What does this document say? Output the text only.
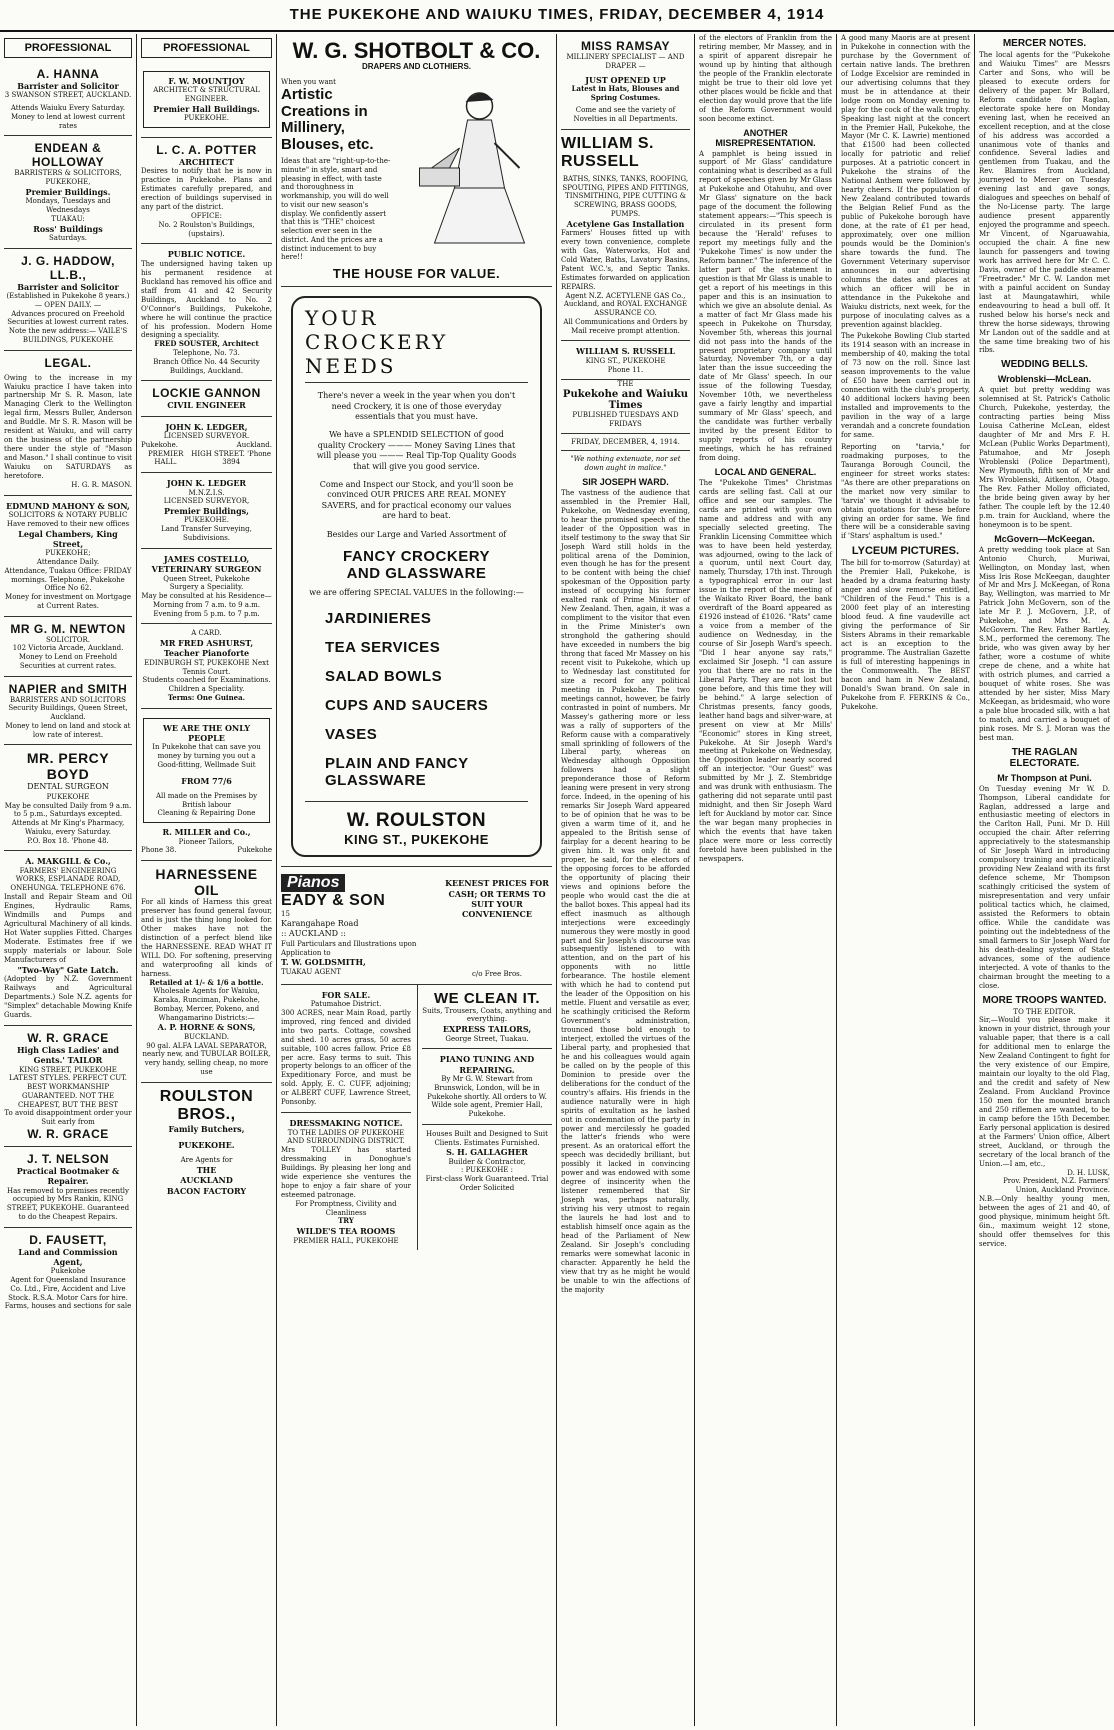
THE PUKEKOHE AND WAIUKU TIMES, FRIDAY, DECEMBER 4, 1914
PROFESSIONAL
A. HANNA
Barrister and Solicitor
3 SWANSON STREET, AUCKLAND.
Attends Waiuku Every Saturday. Money to lend at lowest current rates
ENDEAN & HOLLOWAY
BARRISTERS & SOLICITORS, PUKEKOHE,
Premier Buildings.
Mondays, Tuesdays and Wednesdays
TUAKAU:
Ross' Buildings
Saturdays.
J. G. HADDOW, LL.B.,
Barrister and Solicitor
(Established in Pukekohe 8 years.)
— OPEN DAILY. —
Advances procured on Freehold Securities at lowest current rates. Note the new address:— VAILE'S BUILDINGS, PUKEKOHE
LEGAL.
Owing to the increase in my Waiuku practice I have taken into partnership Mr S. R. Mason, late Managing Clerk to the Wellington legal firm, Messrs Buller, Anderson and Buddle. Mr S. R. Mason will be resident at Waiuku, and will carry on the business of the partnership there under the style of "Mason and Mason." I shall continue to visit Waiuku on SATURDAYS as heretofore.
H. G. R. MASON.
EDMUND MAHONY & SON,
SOLICITORS & NOTARY PUBLIC
Have removed to their new offices
Legal Chambers, King Street,
PUKEKOHE;
Attendance Daily.
Attendance, Tuakau Office: FRIDAY mornings. Telephone, Pukekohe Office No 62.
Money for investment on Mortgage at Current Rates.
MR G. M. NEWTON
SOLICITOR.
102 Victoria Arcade, Auckland.
Money to Lend on Freehold Securities at current rates.
NAPIER and SMITH
BARRISTERS AND SOLICITORS
Security Buildings, Queen Street, Auckland.
Money to lend on land and stock at low rate of interest.
MR. PERCY BOYD
DENTAL SURGEON
PUKEKOHE
May be consulted Daily from 9 a.m. to 5 p.m., Saturdays excepted.
Attends at Mr King's Pharmacy, Waiuku, every Saturday.
P.O. Box 18. 'Phone 48.
A. MAKGILL & Co.,
FARMERS' ENGINEERING WORKS, ESPLANADE ROAD, ONEHUNGA. TELEPHONE 676.
Install and Repair Steam and Oil Engines, Hydraulic Rams, Windmills and Pumps and Agricultural Machinery of all kinds. Hot Water supplies Fitted. Charges Moderate. Estimates free if we supply materials or labour. Sole Manufacturers of
"Two-Way" Gate Latch.
(Adopted by N.Z. Government Railways and Agricultural Departments.) Sole N.Z. agents for "Simplex" detachable Mowing Knife Guards.
W. R. GRACE
High Class Ladies' and Gents.' TAILOR
KING STREET, PUKEKOHE
LATEST STYLES. PERFECT CUT. BEST WORKMANSHIP GUARANTEED. NOT THE CHEAPEST, BUT THE BEST
To avoid disappointment order your Suit early from
W. R. GRACE
J. T. NELSON
Practical Bootmaker & Repairer.
Has removed to premises recently occupied by Mrs Rankin, KING STREET, PUKEKOHE. Guaranteed to do the Cheapest Repairs.
D. FAUSETT,
Land and Commission Agent,
Pukekohe
Agent for Queensland Insurance Co. Ltd., Fire, Accident and Live Stock. R.S.A. Motor Cars for hire. Farms, houses and sections for sale
PROFESSIONAL
F. W. MOUNTJOY
ARCHITECT & STRUCTURAL ENGINEER.
Premier Hall Buildings.
PUKEKOHE.
L. C. A. POTTER
ARCHITECT
Desires to notify that he is now in practice in Pukekohe. Plans and Estimates carefully prepared, and erection of buildings supervised in any part of the district.
OFFICE:
No. 2 Roulston's Buildings, (upstairs).
PUBLIC NOTICE.
The undersigned having taken up his permanent residence at Buckland has removed his office and staff from 41 and 42 Security Buildings, Auckland to No. 2 O'Connor's Buildings, Pukekohe, where he will continue the practice of his profession. Modern Home designing a speciality.
FRED SOUSTER, Architect
Telephone, No. 73.
Branch Office No. 44 Security Buildings, Auckland.
LOCKIE GANNON
CIVIL ENGINEER
JOHN K. LEDGER,
LICENSED SURVEYOR.
Pukekohe.	Auckland.
PREMIER HALL.
HIGH STREET. 'Phone 3894
JOHN K. LEDGER
M.N.Z.I.S.
LICENSED SURVEYOR,
Premier Buildings,
PUKEKOHE.
Land Transfer Surveying, Subdivisions.
JAMES COSTELLO,
VETERINARY SURGEON
Queen Street, Pukekohe
Surgery a Speciality.
May be consulted at his Residence— Morning from 7 a.m. to 9 a.m. Evening from 5 p.m. to 7 p.m.
A CARD.
MR FRED ASHURST,
Teacher Pianoforte
EDINBURGH ST, PUKEKOHE Next Tennis Court.
Students coached for Examinations. Children a Speciality.
Terms: One Guinea.
WE ARE THE ONLY PEOPLE
In Pukekohe that can save you money by turning you out a Good-fitting, Wellmade Suit
FROM 77/6
All made on the Premises by British labour
Cleaning & Repairing Done
R. MILLER and Co.,
Pioneer Tailors,
Phone 38.	Pukekohe
HARNESSENE OIL
For all kinds of Harness this great preserver has found general favour, and is just the thing long looked for. Other makes have not the distinction of a perfect blend like the HARNESSENE. READ WHAT IT WILL DO. For softening, preserving and waterproofing all kinds of harness.
Retailed at 1/- & 1/6 a bottle.
Wholesale Agents for Waiuku, Karaka, Runciman, Pukekohe, Bombay, Mercer, Pokeno, and Whangamarino Districts:—
A. P. HORNE & SONS,
BUCKLAND.
90 gal. ALFA LAVAL SEPARATOR, nearly new, and TUBULAR BOILER, very handy, selling cheap, no more use
ROULSTON BROS.,
Family Butchers,
PUKEKOHE.
Are Agents for
THE
AUCKLAND
BACON FACTORY
W. G. SHOTBOLT & CO.
DRAPERS AND CLOTHIERS.
When you want
Artistic Creations in Millinery, Blouses, etc.
Ideas that are "right-up-to-the-minute" in style, smart and pleasing in effect, with taste and thoroughness in workmanship, you will do well to visit our new season's display. We confidently assert that this is "THE" choicest selection ever seen in the district. And the prices are a distinct inducement to buy here!!
THE HOUSE FOR VALUE.
YOUR
CROCKERY
NEEDS
There's never a week in the year when you don't need Crockery, it is one of those everyday essentials that you must have.
We have a SPLENDID SELECTION of good quality Crockery ——— Money Saving Lines that will please you ——— Real Tip-Top Quality Goods that will give you good service.
Come and Inspect our Stock, and you'll soon be convinced OUR PRICES ARE REAL MONEY SAVERS, and for practical economy our values are hard to beat.
Besides our Large and Varied Assortment of
FANCY CROCKERY AND GLASSWARE
we are offering SPECIAL VALUES in the following:—
JARDINIERES
TEA SERVICES
SALAD BOWLS
CUPS AND SAUCERS
VASES
PLAIN AND FANCY GLASSWARE
W. ROULSTON
KING ST., PUKEKOHE
Pianos
EADY & SON
15
Karangahape Road
:: AUCKLAND ::
Full Particulars and Illustrations upon Application to
T. W. GOLDSMITH,
TUAKAU AGENT
KEENEST PRICES FOR CASH; OR TERMS TO SUIT YOUR CONVENIENCE
c/o Free Bros.
FOR SALE.
Patumahoe District.
300 ACRES, near Main Road, partly improved, ring fenced and divided into two parts. Cottage, cowshed and shed. 10 acres grass, 50 acres suitable, 100 acres fallow. Price £8 per acre. Easy terms to suit. This property belongs to an officer of the Expeditionary Force, and must be sold. Apply, E. C. CUFF, adjoining; or ALBERT CUFF, Lawrence Street, Ponsonby.
DRESSMAKING NOTICE.
TO THE LADIES OF PUKEKOHE AND SURROUNDING DISTRICT.
Mrs TOLLEY has started dressmaking in Donoghue's Buildings. By pleasing her long and wide experience she ventures the hope to enjoy a fair share of your esteemed patronage.
For Promptness, Civility and Cleanliness
TRY
WILDE'S TEA ROOMS
PREMIER HALL, PUKEKOHE
WE CLEAN IT.
Suits, Trousers, Coats, anything and everything.
EXPRESS TAILORS,
George Street, Tuakau.
PIANO TUNING AND REPAIRING.
By Mr G. W. Stewart from Brunswick, London, will be in Pukekohe shortly. All orders to W. Wilde sole agent, Premier Hall, Pukekohe.
Houses Built and Designed to Suit Clients. Estimates Furnished.
S. H. GALLAGHER
Builder & Contractor,
: PUKEKOHE :
First-class Work Guaranteed. Trial Order Solicited
MISS RAMSAY
MILLINERY SPECIALIST — AND DRAPER —
JUST OPENED UP
Latest in Hats, Blouses and Spring Costumes.
Come and see the variety of Novelties in all Departments.
WILLIAM S. RUSSELL
BATHS, SINKS, TANKS, ROOFING, SPOUTING, PIPES AND FITTINGS, TINSMITHING, PIPE CUTTING & SCREWING, BRASS GOODS, PUMPS.
Acetylene Gas Installation
Farmers' Houses fitted up with every town convenience, complete with Gas, Waterworks, Hot and Cold Water, Baths, Lavatory Basins, Patent W.C.'s, and Septic Tanks. Estimates forwarded on application REPAIRS.
Agent N.Z. ACETYLENE GAS Co., Auckland, and ROYAL EXCHANGE ASSURANCE CO.
All Communications and Orders by Mail receive prompt attention.
WILLIAM S. RUSSELL
KING ST., PUKEKOHE
Phone 11.
THE
Pukekohe and Waiuku Times
PUBLISHED TUESDAYS AND FRIDAYS
FRIDAY, DECEMBER, 4, 1914.
"We nothing extenuate, nor set down aught in malice."
SIR JOSEPH WARD.
The vastness of the audience that assembled in the Premier Hall, Pukekohe, on Wednesday evening, to hear the promised speech of the leader of the Opposition was in itself testimony to the sway that Sir Joseph Ward still holds in the political arena of the Dominion, even though he has for the present to be content with being the chief spokesman of the Opposition party instead of occupying his former exalted rank of Prime Minister of New Zealand. Then, again, it was a compliment to the visitor that even in the Prime Minister's own stronghold the gathering should have exceeded in numbers the big throng that faced Mr Massey on his recent visit to Pukekohe, which up to Wednesday last constituted for size a record for any political meeting in Pukekohe. The two meetings cannot, however, be fairly contrasted in point of numbers. Mr Massey's gathering more or less was a rally of supporters of the Reform cause with a comparatively small sprinkling of followers of the Liberal party, whereas on Wednesday although Opposition followers had a slight preponderance those of Reform leaning were present in very strong force. Indeed, in the opening of his remarks Sir Joseph Ward appeared to be of opinion that he was to be given a warm time of it, and he appealed to the British sense of fairplay for a decent hearing to be given him. It was only fit and proper, he said, for the electors of the opposing forces to be afforded the opportunity of placing their views and opinions before the people who would cast the die at the ballot boxes. This appeal had its effect inasmuch as although interjections were exceedingly numerous they were mostly in good part and Sir Joseph's discourse was subsequently listened to with attention, and on the part of his opponents with no little forbearance. The hostile element with which he had to contend put the leader of the Opposition on his mettle. Fluent and versatile as ever, he scathingly criticised the Reform Government's administration, trounced those bold enough to interject, extolled the virtues of the Liberal party, and prophesied that he and his colleagues would again be called on by the people of this Dominion to preside over the deliberations for the conduct of the country's affairs. His friends in the audience naturally were in high spirits of exultation as he lashed out in condemnation of the party in power and mercilessly he goaded the latter's friends who were present. As an oratorical effort the speech was decidedly brilliant, but possibly it lacked in convincing power and was endowed with some degree of insincerity when the listener remembered that Sir Joseph was, perhaps naturally, striving his very utmost to regain the laurels he had lost and to establish himself once again as the head of the Parliament of New Zealand. Sir Joseph's concluding remarks were somewhat laconic in character. Apparently he held the view that try as he might he would be unable to win the affections of the majority
of the electors of Franklin from the retiring member, Mr Massey, and in a spirit of apparent disrepair he wound up by hinting that although the people of the Franklin electorate might be true to their old love yet other places would be fickle and that election day would prove that the life of the Reform Government would soon become extinct.
ANOTHER MISREPRESENTATION.
A pamphlet is being issued in support of Mr Glass' candidature containing what is described as a full report of speeches given by Mr Glass at Pukekohe and Otahuhu, and over Mr Glass' signature on the back page of the document the following statement appears:—"This speech is circulated in its present form because the 'Herald' refuses to report my meetings fully and the 'Pukekohe Times' is now under the Reform banner." The inference of the latter part of the statement in question is that Mr Glass is unable to get a report of his meetings in this paper and this is an insinuation to which we give an absolute denial. As a matter of fact Mr Glass made his speech in Pukekohe on Thursday, November 5th, whereas this journal did not pass into the hands of the present proprietary company until Saturday, November 7th, or a day later than the issue succeeding the date of Mr Glass' speech. In our issue of the following Tuesday, November 10th, we nevertheless gave a fairly lengthy and impartial summary of Mr Glass' speech, and the candidate was further verbally invited by the present Editor to supply reports of his country meetings, which he has refrained from doing.
LOCAL AND GENERAL.
The "Pukekohe Times" Christmas cards are selling fast. Call at our office and see our samples. The cards are printed with your own name and address and with any specially selected greeting. The Franklin Licensing Committee which was to have been held yesterday, was adjourned, owing to the lack of a quorum, until next Court day, namely, Thursday, 17th inst. Through a typographical error in our last issue in the report of the meeting of the Waikato River Board, the bank overdraft of the Board appeared as £1926 instead of £1026. "Rats" came a voice from a member of the audience on Wednesday, in the course of Sir Joseph Ward's speech. "Did I hear anyone say rats," exclaimed Sir Joseph. "I can assure you that there are no rats in the Liberal Party. They are not lost but gone before, and this time they will be behind." A large selection of Christmas presents, fancy goods, leather hand bags and silver-ware, at present on view at Mr Mills' "Economic" stores in King street, Pukekohe. At Sir Joseph Ward's meeting at Pukekohe on Wednesday, the Opposition leader nearly scored off an interjector. "Our Guest" was submitted by Mr J. Z. Stembridge and was drunk with enthusiasm. The gathering did not separate until past midnight, and then Sir Joseph Ward left for Auckland by motor car. Since the war began many prophecies in which the events that have taken place were more or less correctly foretold have been published in the newspapers.
A good many Maoris are at present in Pukekohe in connection with the purchase by the Government of certain native lands. The brethren of Lodge Excelsior are reminded in our advertising columns that they must be in attendance at their lodge room on Monday evening to play for the cock of the walk trophy. Speaking last night at the concert in the Premier Hall, Pukekohe, the Mayor (Mr C. K. Lawrie) mentioned that £1500 had been collected locally for patriotic and relief purposes. At a patriotic concert in Pukekohe the strains of the National Anthem were followed by hearty cheers. If the population of New Zealand contributed towards the Belgian Relief Fund as the public of Pukekohe borough have done, at the rate of £1 per head, approximately, over one million pounds would be the Dominion's share towards the fund. The Government Veterinary supervisor announces in our advertising columns the dates and places at which an officer will be in attendance in the Pukekohe and Waiuku districts, next week, for the purpose of inoculating calves as a prevention against blackleg.
The Pukekohe Bowling Club started its 1914 season with an increase in membership of 40, making the total of 73 now on the roll. Since last season improvements to the value of £50 have been carried out in connection with the club's property, 40 additional lockers having been installed and improvements to the pavilion in the way of a large verandah and a concrete foundation for same.
Reporting on "tarvia," for roadmaking purposes, to the Tauranga Borough Council, the engineer for street works states: "As there are other preparations on the market now very similar to 'tarvia' we thought it advisable to obtain quotations for these before giving an order for same. We find there will be a considerable saving if 'Stars' asphaltum is used."
LYCEUM PICTURES.
The bill for to-morrow (Saturday) at the Premier Hall, Pukekohe, is headed by a drama featuring hasty anger and slow remorse entitled, "Children of the Feud." This is a 2000 feet play of an interesting blood feud. A fine vaudeville act giving the performance of Sir Sisters Abrams in their remarkable act is an exception to the programme. The Australian Gazette is full of interesting happenings in the Commonwealth. The BEST bacon and ham in New Zealand, Donald's Swan brand. On sale in Pukekohe from F. FERKINS & Co., Pukekohe.
MERCER NOTES.
The local agents for the "Pukekohe and Waiuku Times" are Messrs Carter and Sons, who will be pleased to execute orders for delivery of the paper. Mr Bollard, Reform candidate for Raglan, electorate spoke here on Monday evening last, when he received an excellent reception, and at the close of his address was accorded a unanimous vote of thanks and confidence. Several ladies and gentlemen from Tuakau, and the Rev. Blamires from Auckland, journeyed to Mercer on Tuesday evening last and gave songs, dialogues and speeches on behalf of the No-License party. The large audience present apparently enjoyed the programme and speech. Mr Vincent, of Ngaruawahia, occupied the chair. A fine new launch for passengers and towing work has arrived here for Mr C. C. Davis, owner of the paddle steamer "Freetrader." Mr C. W. Landon met with a painful accident on Sunday last at Maungatawhiri, while endeavouring to head a bull off. It rushed below his horse's neck and threw the horse sideways, throwing Mr Landon out of the saddle and at the same time breaking two of his ribs.
WEDDING BELLS.
Wroblenski—McLean.
A quiet but pretty wedding was solemnised at St. Patrick's Catholic Church, Pukekohe, yesterday, the contracting parties being Miss Louisa Catherine McLean, eldest daughter of Mr and Mrs F. H. McLean (Public Works Department), Patumahoe, and Mr Joseph Wroblenski (Police Department), New Plymouth, fifth son of Mr and Mrs Wroblenski, Aitkenton, Otago. The Rev. Father Molloy officiated, the bride being given away by her father. The couple left by the 12.40 p.m. train for Auckland, where the honeymoon is to be spent.
McGovern—McKeegan.
A pretty wedding took place at San Antonio Church, Muriwai, Wellington, on Monday last, when Miss Iris Rose McKeegan, daughter of Mr and Mrs J. McKeegan, of Rona Bay, Wellington, was married to Mr Patrick John McGovern, son of the late Mr P. J. McGovern, J.P., of Pukekohe, and Mrs M. A. McGovern. The Rev. Father Bartley, S.M., performed the ceremony. The bride, who was given away by her father, wore a costume of white crepe de chene, and a white hat with ostrich plumes, and carried a bouquet of white roses. She was attended by her sister, Miss Mary McKeegan, as bridesmaid, who wore a pale blue brocaded silk, with a hat to match, and carried a bouquet of pink roses. Mr S. J. Moran was the best man.
THE RAGLAN ELECTORATE.
Mr Thompson at Puni.
On Tuesday evening Mr W. D. Thompson, Liberal candidate for Raglan, addressed a large and enthusiastic meeting of electors in the Carlton Hall, Puni. Mr D. Hill occupied the chair. After referring appreciatively to the statesmanship of Sir Joseph Ward in introducing compulsory training and practically providing New Zealand with its first defence scheme, Mr Thompson scathingly criticised the system of misrepresentation and very unfair political tactics which, he claimed, assisted the Reformers to obtain office. While the candidate was pointing out the indebtedness of the small farmers to Sir Joseph Ward for his death-dealing system of State advances, some of the audience interjected. A vote of thanks to the chairman brought the meeting to a close.
MORE TROOPS WANTED.
TO THE EDITOR.
Sir,—Would you please make it known in your district, through your valuable paper, that there is a call for additional men to enlarge the New Zealand Contingent to fight for the very existence of our Empire, maintain our loyalty to the old Flag, and the credit and safety of New Zealand. From Auckland Province 150 men for the mounted branch and 250 riflemen are wanted, to be in camp before the 15th December. Early personal application is desired at the Farmers' Union office, Albert street, Auckland, or through the secretary of the local branch of the Union.—I am, etc.,
D. H. LUSK,
Prov. President, N.Z. Farmers' Union, Auckland Province.
N.B.—Only healthy young men, between the ages of 21 and 40, of good physique, minimum height 5ft. 6in., maximum weight 12 stone, should offer themselves for this service.
